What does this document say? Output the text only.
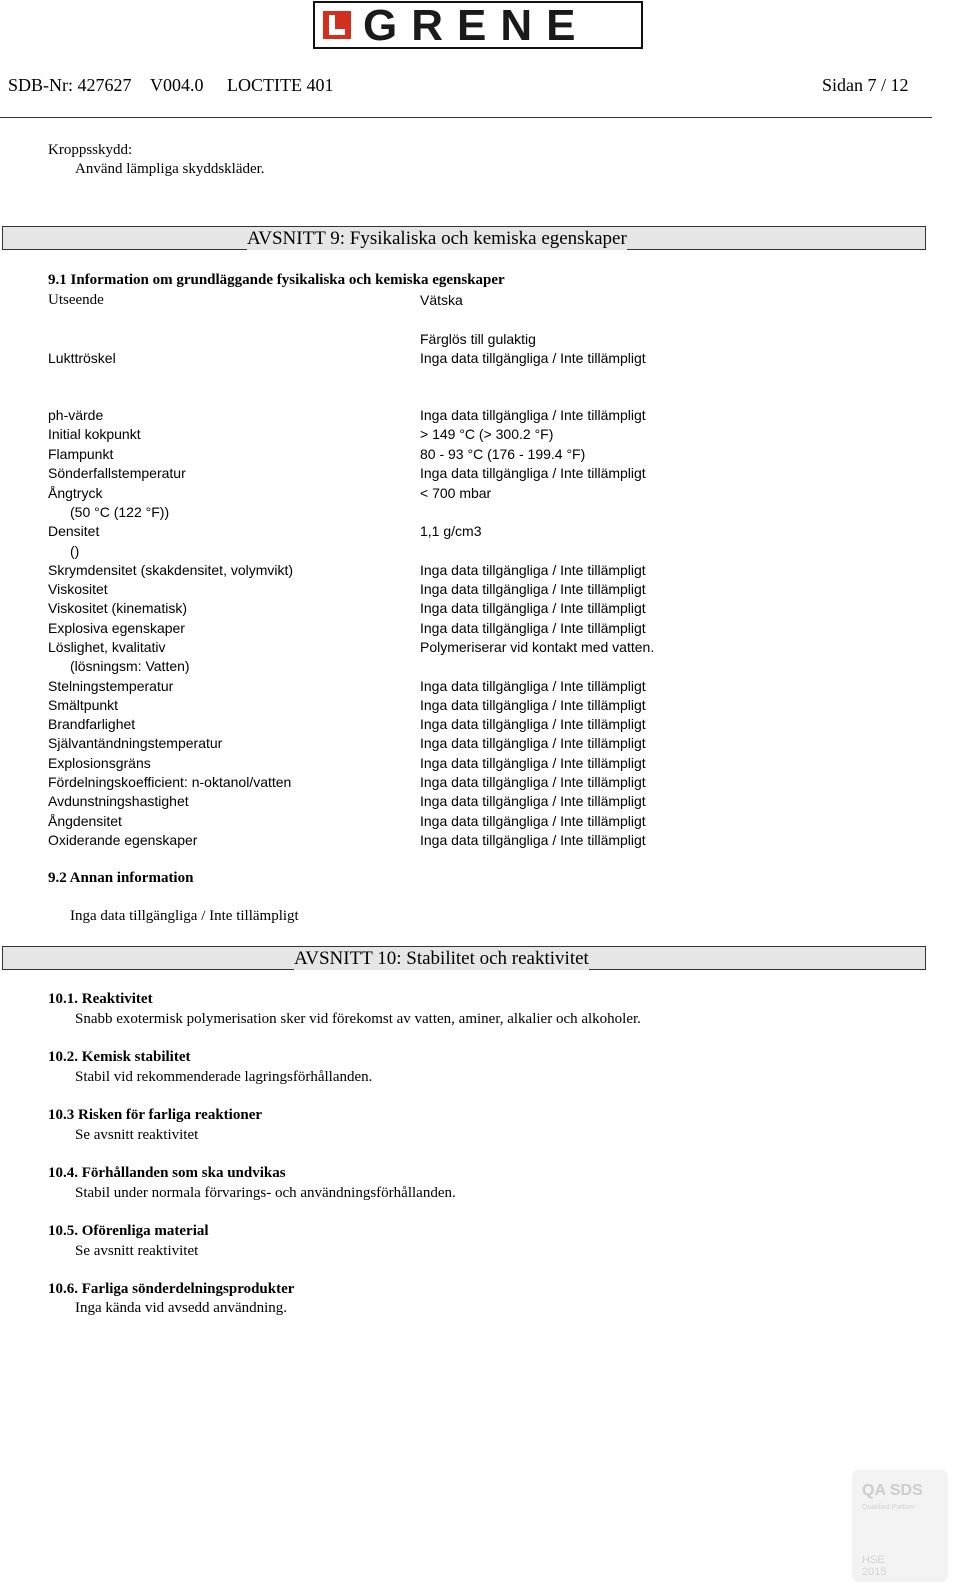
GRENE
SDB-Nr: 427627 V004.0 LOCTITE 401	Sidan 7 / 12
Kroppsskydd:
Använd lämpliga skyddskläder.
AVSNITT 9: Fysikaliska och kemiska egenskaper
9.1 Information om grundläggande fysikaliska och kemiska egenskaper
Utseende	Vätska
Färglös till gulaktig
Lukttröskel	Inga data tillgängliga / Inte tillämpligt
ph-värde	Inga data tillgängliga / Inte tillämpligt
Initial kokpunkt	> 149 °C (> 300.2 °F)
Flampunkt	80 - 93 °C (176 - 199.4 °F)
Sönderfallstemperatur	Inga data tillgängliga / Inte tillämpligt
Ångtryck	< 700 mbar
(50 °C (122 °F))
Densitet	1,1 g/cm3
()
Skrymdensitet (skakdensitet, volymvikt)	Inga data tillgängliga / Inte tillämpligt
Viskositet	Inga data tillgängliga / Inte tillämpligt
Viskositet (kinematisk)	Inga data tillgängliga / Inte tillämpligt
Explosiva egenskaper	Inga data tillgängliga / Inte tillämpligt
Löslighet, kvalitativ	Polymeriserar vid kontakt med vatten.
(lösningsm: Vatten)
Stelningstemperatur	Inga data tillgängliga / Inte tillämpligt
Smältpunkt	Inga data tillgängliga / Inte tillämpligt
Brandfarlighet	Inga data tillgängliga / Inte tillämpligt
Självantändningstemperatur	Inga data tillgängliga / Inte tillämpligt
Explosionsgräns	Inga data tillgängliga / Inte tillämpligt
Fördelningskoefficient: n-oktanol/vatten	Inga data tillgängliga / Inte tillämpligt
Avdunstningshastighet	Inga data tillgängliga / Inte tillämpligt
Ångdensitet	Inga data tillgängliga / Inte tillämpligt
Oxiderande egenskaper	Inga data tillgängliga / Inte tillämpligt
9.2 Annan information
Inga data tillgängliga / Inte tillämpligt
AVSNITT 10: Stabilitet och reaktivitet
10.1. Reaktivitet
Snabb exotermisk polymerisation sker vid förekomst av vatten, aminer, alkalier och alkoholer.
10.2. Kemisk stabilitet
Stabil vid rekommenderade lagringsförhållanden.
10.3 Risken för farliga reaktioner
Se avsnitt reaktivitet
10.4. Förhållanden som ska undvikas
Stabil under normala förvarings- och användningsförhållanden.
10.5. Oförenliga material
Se avsnitt reaktivitet
10.6. Farliga sönderdelningsprodukter
Inga kända vid avsedd användning.
QA SDS
Qualified Partner
HSE
2015
